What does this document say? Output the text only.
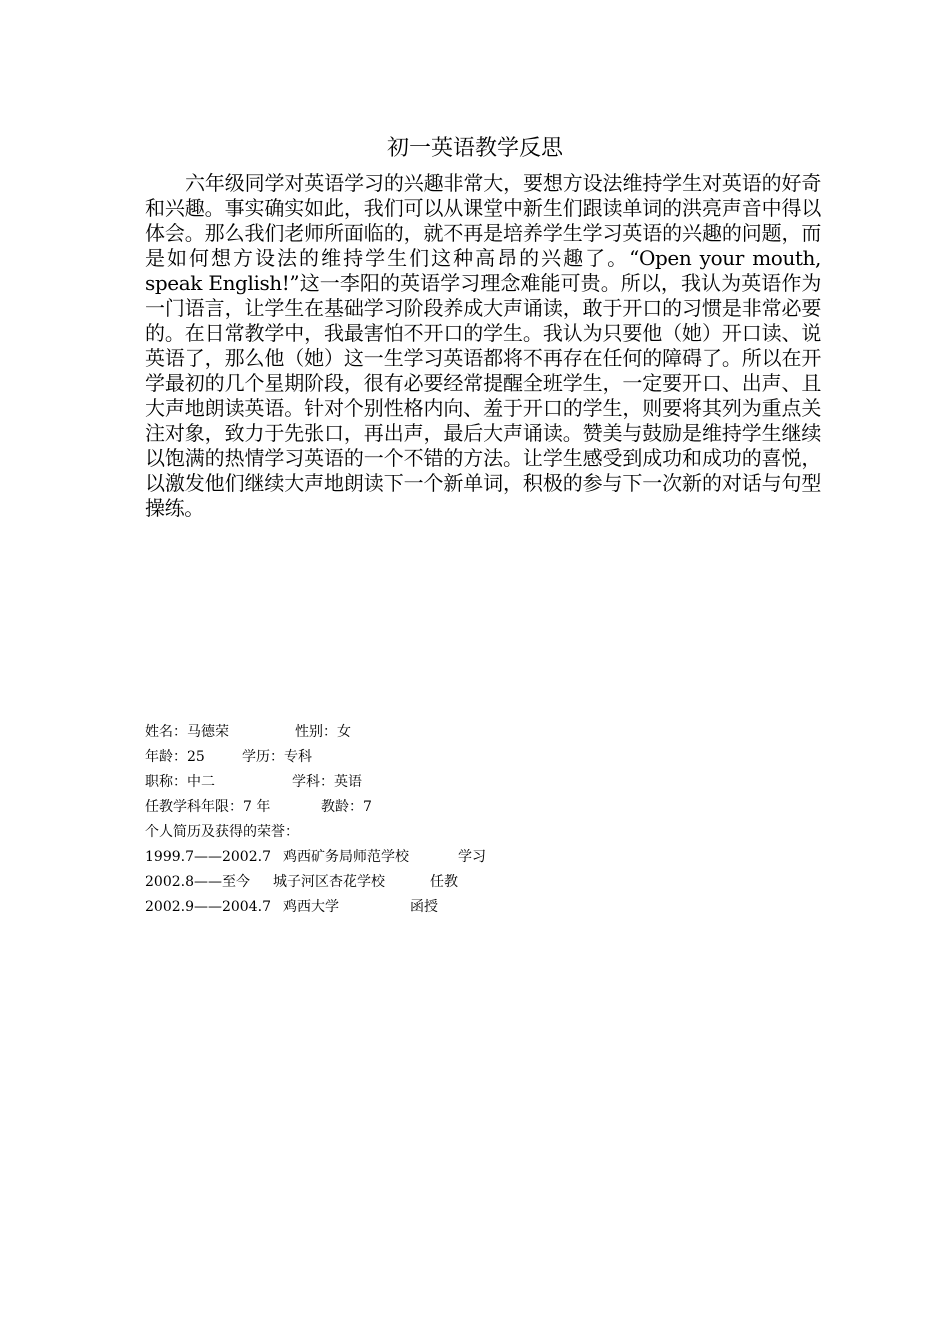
初一英语教学反思

六年级同学对英语学习的兴趣非常大，要想方设法维持学生对英语的好奇和兴趣。事实确实如此，我们可以从课堂中新生们跟读单词的洪亮声音中得以体会。那么我们老师所面临的，就不再是培养学生学习英语的兴趣的问题，而是如何想方设法的维持学生们这种高昂的兴趣了。“Open your mouth, speak English!”这一李阳的英语学习理念难能可贵。所以，我认为英语作为一门语言，让学生在基础学习阶段养成大声诵读，敢于开口的习惯是非常必要的。在日常教学中，我最害怕不开口的学生。我认为只要他（她）开口读、说英语了，那么他（她）这一生学习英语都将不再存在任何的障碍了。所以在开学最初的几个星期阶段，很有必要经常提醒全班学生，一定要开口、出声、且大声地朗读英语。针对个别性格内向、羞于开口的学生，则要将其列为重点关注对象，致力于先张口，再出声，最后大声诵读。赞美与鼓励是维持学生继续以饱满的热情学习英语的一个不错的方法。让学生感受到成功和成功的喜悦，以激发他们继续大声地朗读下一个新单词，积极的参与下一次新的对话与句型操练。

姓名：马德荣	性别：女
年龄：25	学历：专科
职称：中二	学科：英语
任教学科年限：7 年	教龄：7
个人简历及获得的荣誉：
1999.7——2002.7 鸡西矿务局师范学校	学习
2002.8——至今 城子河区杏花学校	任教
2002.9——2004.7 鸡西大学	函授
